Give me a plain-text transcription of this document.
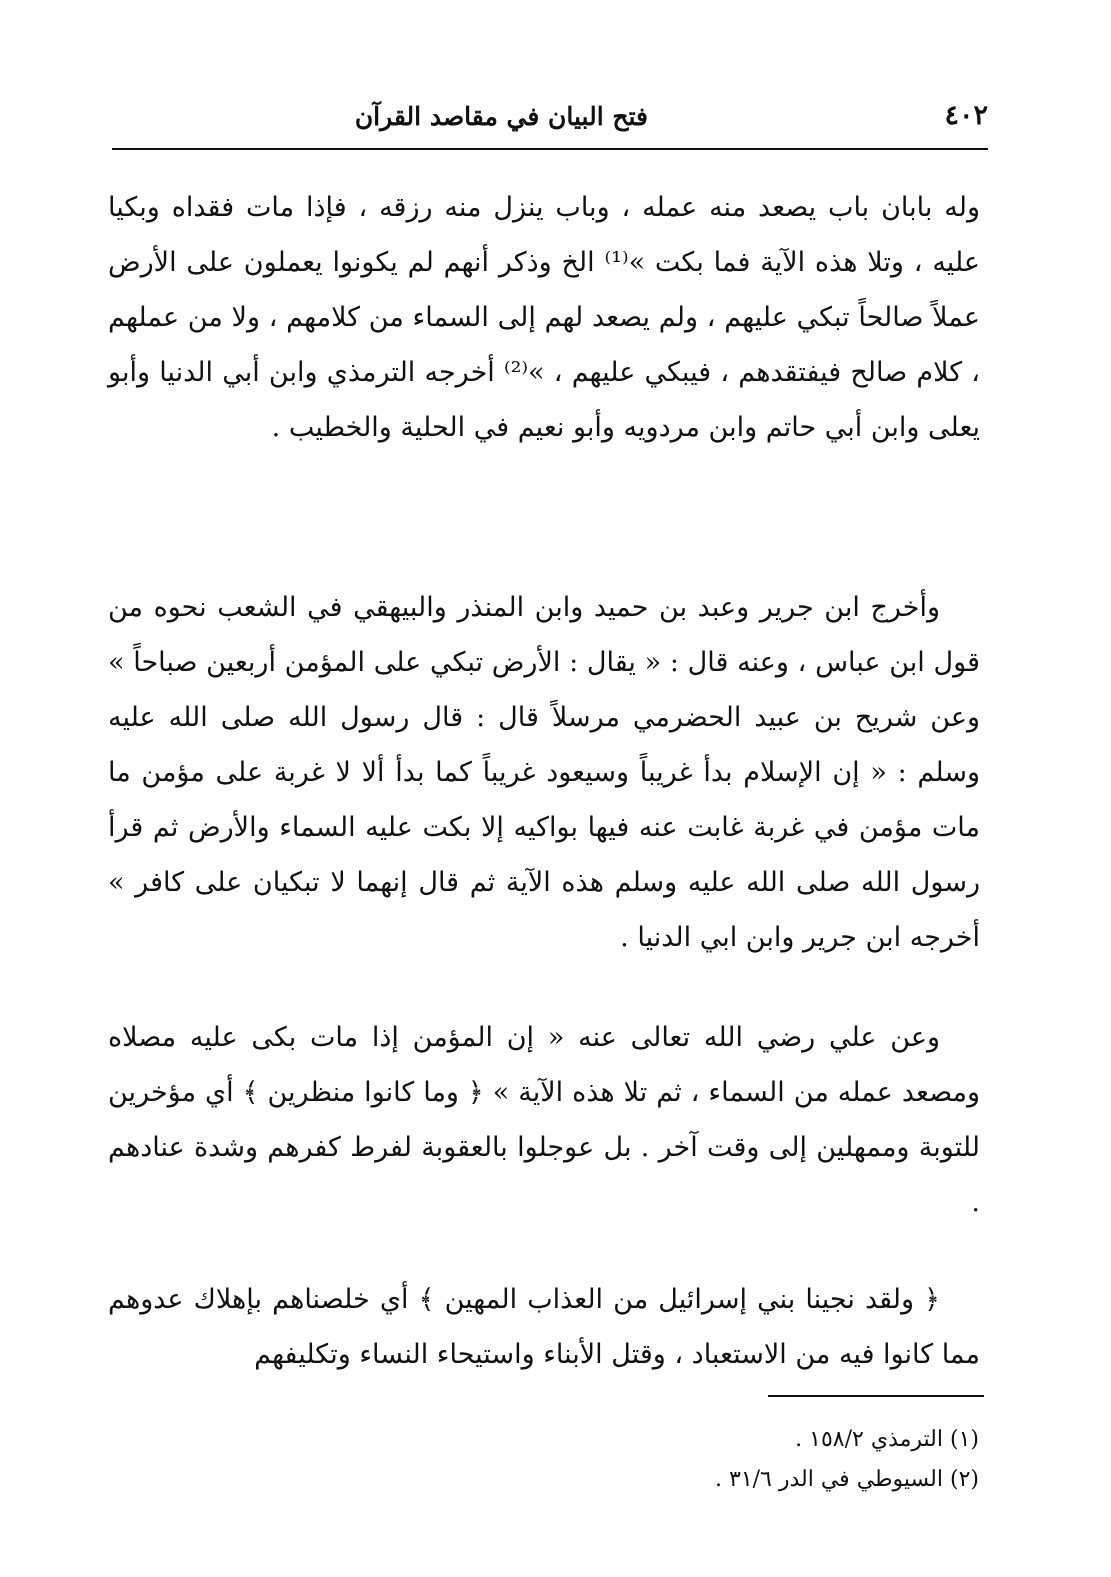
٤٠٢
فتح البيان في مقاصد القرآن

وله بابان باب يصعد منه عمله ، وباب ينزل منه رزقه ، فإذا مات فقداه وبكيا عليه ، وتلا هذه الآية فما بكت »⁽¹⁾ الخ وذكر أنهم لم يكونوا يعملون على الأرض عملاً صالحاً تبكي عليهم ، ولم يصعد لهم إلى السماء من كلامهم ، ولا من عملهم ، كلام صالح فيفتقدهم ، فيبكي عليهم ، »⁽²⁾ أخرجه الترمذي وابن أبي الدنيا وأبو يعلى وابن أبي حاتم وابن مردويه وأبو نعيم في الحلية والخطيب .

وأخرج ابن جرير وعبد بن حميد وابن المنذر والبيهقي في الشعب نحوه من قول ابن عباس ، وعنه قال : « يقال : الأرض تبكي على المؤمن أربعين صباحاً » وعن شريح بن عبيد الحضرمي مرسلاً قال : قال رسول الله صلى الله عليه وسلم : « إن الإسلام بدأ غريباً وسيعود غريباً كما بدأ ألا لا غربة على مؤمن ما مات مؤمن في غربة غابت عنه فيها بواكيه إلا بكت عليه السماء والأرض ثم قرأ رسول الله صلى الله عليه وسلم هذه الآية ثم قال إنهما لا تبكيان على كافر » أخرجه ابن جرير وابن ابي الدنيا .

وعن علي رضي الله تعالى عنه « إن المؤمن إذا مات بكى عليه مصلاه ومصعد عمله من السماء ، ثم تلا هذه الآية » ﴿ وما كانوا منظرين ﴾ أي مؤخرين للتوبة وممهلين إلى وقت آخر . بل عوجلوا بالعقوبة لفرط كفرهم وشدة عنادهم .

﴿ ولقد نجينا بني إسرائيل من العذاب المهين ﴾ أي خلصناهم بإهلاك عدوهم مما كانوا فيه من الاستعباد ، وقتل الأبناء واستيحاء النساء وتكليفهم

(١) الترمذي ١٥٨/٢ .
(٢) السيوطي في الدر ٣١/٦ .
